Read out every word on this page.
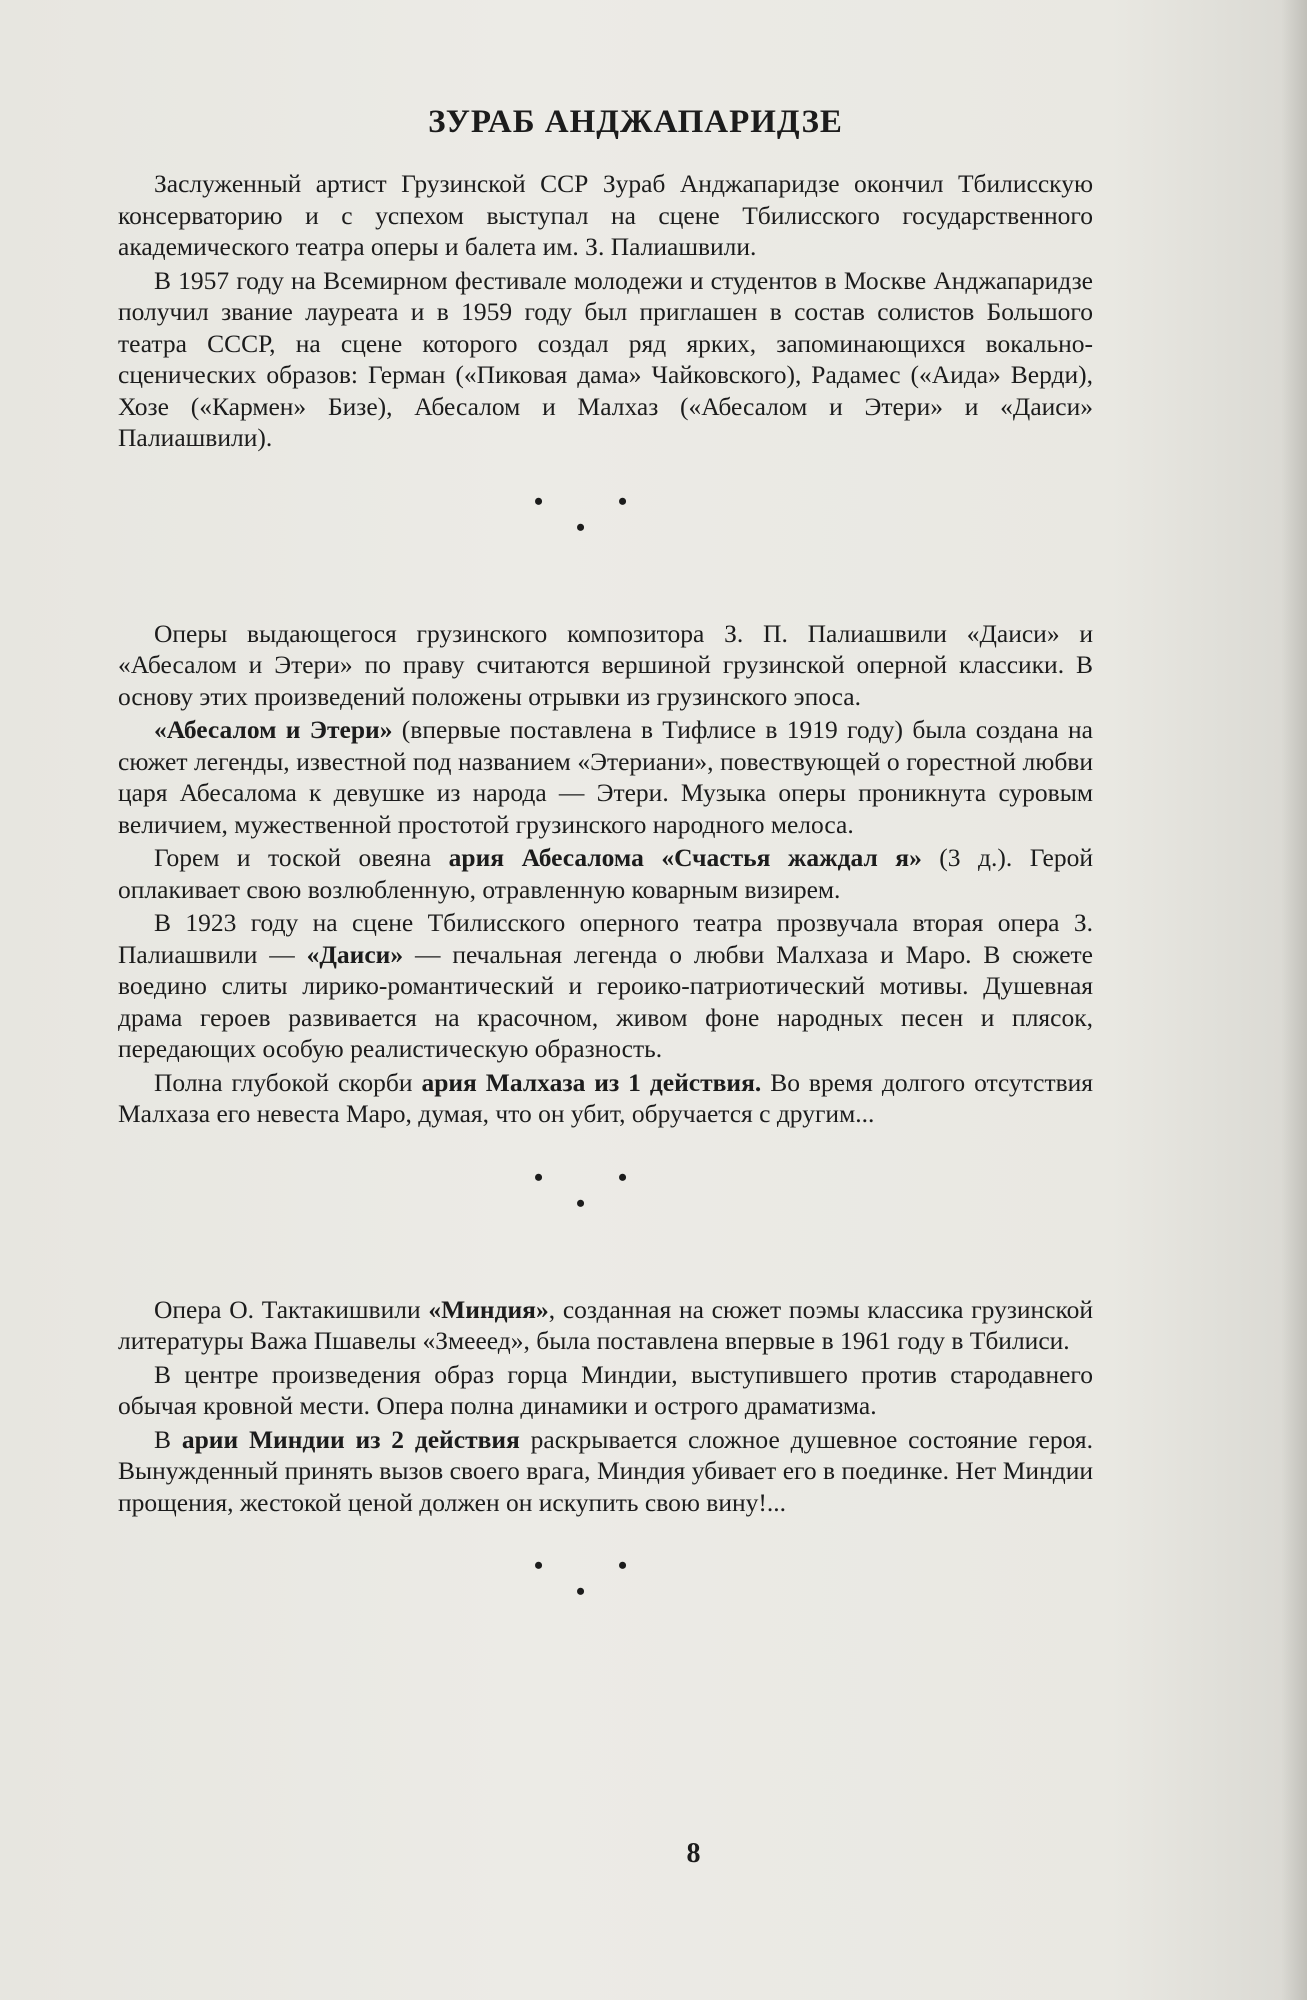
ЗУРАБ АНДЖАПАРИДЗЕ

Заслуженный артист Грузинской ССР Зураб Анджапаридзе окончил Тбилисскую консерваторию и с успехом выступал на сцене Тбилисского государственного академического театра оперы и балета им. З. Палиашвили.

В 1957 году на Всемирном фестивале молодежи и студентов в Москве Анджапаридзе получил звание лауреата и в 1959 году был приглашен в состав солистов Большого театра СССР, на сцене которого создал ряд ярких, запоминающихся вокально-сценических образов: Герман («Пиковая дама» Чайковского), Радамес («Аида» Верди), Хозе («Кармен» Бизе), Абесалом и Малхаз («Абесалом и Этери» и «Даиси» Палиашвили).

•	•
•

Оперы выдающегося грузинского композитора З. П. Палиашвили «Даиси» и «Абесалом и Этери» по праву считаются вершиной грузинской оперной классики. В основу этих произведений положены отрывки из грузинского эпоса.

«Абесалом и Этери» (впервые поставлена в Тифлисе в 1919 году) была создана на сюжет легенды, известной под названием «Этериани», повествующей о горестной любви царя Абесалома к девушке из народа — Этери. Музыка оперы проникнута суровым величием, мужественной простотой грузинского народного мелоса.

Горем и тоской овеяна ария Абесалома «Счастья жаждал я» (3 д.). Герой оплакивает свою возлюбленную, отравленную коварным визирем.

В 1923 году на сцене Тбилисского оперного театра прозвучала вторая опера З. Палиашвили — «Даиси» — печальная легенда о любви Малхаза и Маро. В сюжете воедино слиты лирико-романтический и героико-патриотический мотивы. Душевная драма героев развивается на красочном, живом фоне народных песен и плясок, передающих особую реалистическую образность.

Полна глубокой скорби ария Малхаза из 1 действия. Во время долгого отсутствия Малхаза его невеста Маро, думая, что он убит, обручается с другим...

•	•
•

Опера О. Тактакишвили «Миндия», созданная на сюжет поэмы классика грузинской литературы Важа Пшавелы «Змееед», была поставлена впервые в 1961 году в Тбилиси.

В центре произведения образ горца Миндии, выступившего против стародавнего обычая кровной мести. Опера полна динамики и острого драматизма.

В арии Миндии из 2 действия раскрывается сложное душевное состояние героя. Вынужденный принять вызов своего врага, Миндия убивает его в поединке. Нет Миндии прощения, жестокой ценой должен он искупить свою вину!...

•	•
•
8
